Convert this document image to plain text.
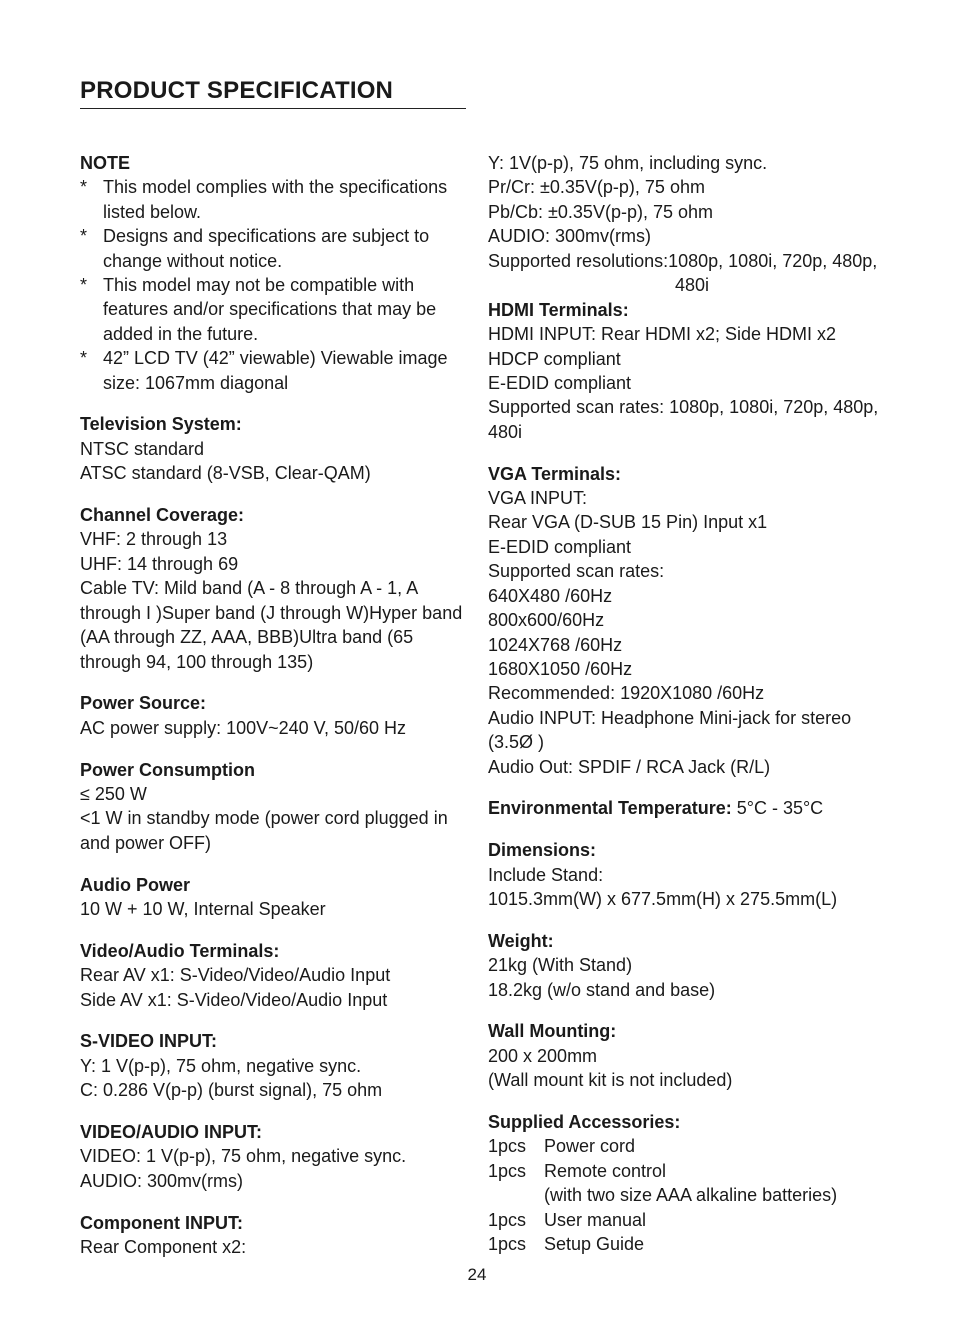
PRODUCT SPECIFICATION
NOTE
* This model complies with the specifications listed below.
* Designs and specifications are subject to change without notice.
* This model may not be compatible with features and/or specifications that may be added in the future.
* 42” LCD TV (42” viewable) Viewable image size: 1067mm diagonal
Television System:
NTSC standard
ATSC standard (8-VSB, Clear-QAM)
Channel Coverage:
VHF: 2 through 13
UHF: 14 through 69
Cable TV: Mild band (A - 8 through A - 1, A through I )Super band (J through W)Hyper band (AA through ZZ, AAA, BBB)Ultra band (65 through 94, 100 through 135)
Power Source:
AC power supply: 100V~240 V, 50/60 Hz
Power Consumption
≤ 250 W
<1 W in standby mode (power cord plugged in and power OFF)
Audio Power
10 W + 10 W, Internal Speaker
Video/Audio Terminals:
Rear AV x1: S-Video/Video/Audio Input
Side AV x1: S-Video/Video/Audio Input
S-VIDEO INPUT:
Y: 1 V(p-p), 75 ohm, negative sync.
C: 0.286 V(p-p) (burst signal), 75 ohm
VIDEO/AUDIO INPUT:
VIDEO: 1 V(p-p), 75 ohm, negative sync.
AUDIO: 300mv(rms)
Component INPUT:
Rear Component x2:
Y: 1V(p-p), 75 ohm, including sync.
Pr/Cr: ±0.35V(p-p), 75 ohm
Pb/Cb: ±0.35V(p-p), 75 ohm
AUDIO: 300mv(rms)
Supported resolutions:1080p, 1080i, 720p, 480p,
480i
HDMI Terminals:
HDMI INPUT: Rear HDMI x2; Side HDMI x2
HDCP compliant
E-EDID compliant
Supported scan rates: 1080p, 1080i, 720p, 480p, 480i
VGA Terminals:
VGA INPUT:
Rear VGA (D-SUB 15 Pin) Input x1
E-EDID compliant
Supported scan rates:
640X480 /60Hz
800x600/60Hz
1024X768 /60Hz
1680X1050 /60Hz
Recommended: 1920X1080 /60Hz
Audio INPUT: Headphone Mini-jack for stereo (3.5Ø )
Audio Out: SPDIF / RCA Jack (R/L)
Environmental Temperature: 5°C - 35°C
Dimensions:
Include Stand:
1015.3mm(W) x 677.5mm(H) x 275.5mm(L)
Weight:
21kg (With Stand)
18.2kg (w/o stand and base)
Wall Mounting:
200 x 200mm
(Wall mount kit is not included)
Supplied Accessories:
1pcs Power cord
1pcs Remote control
(with two size AAA alkaline batteries)
1pcs User manual
1pcs Setup Guide
24
